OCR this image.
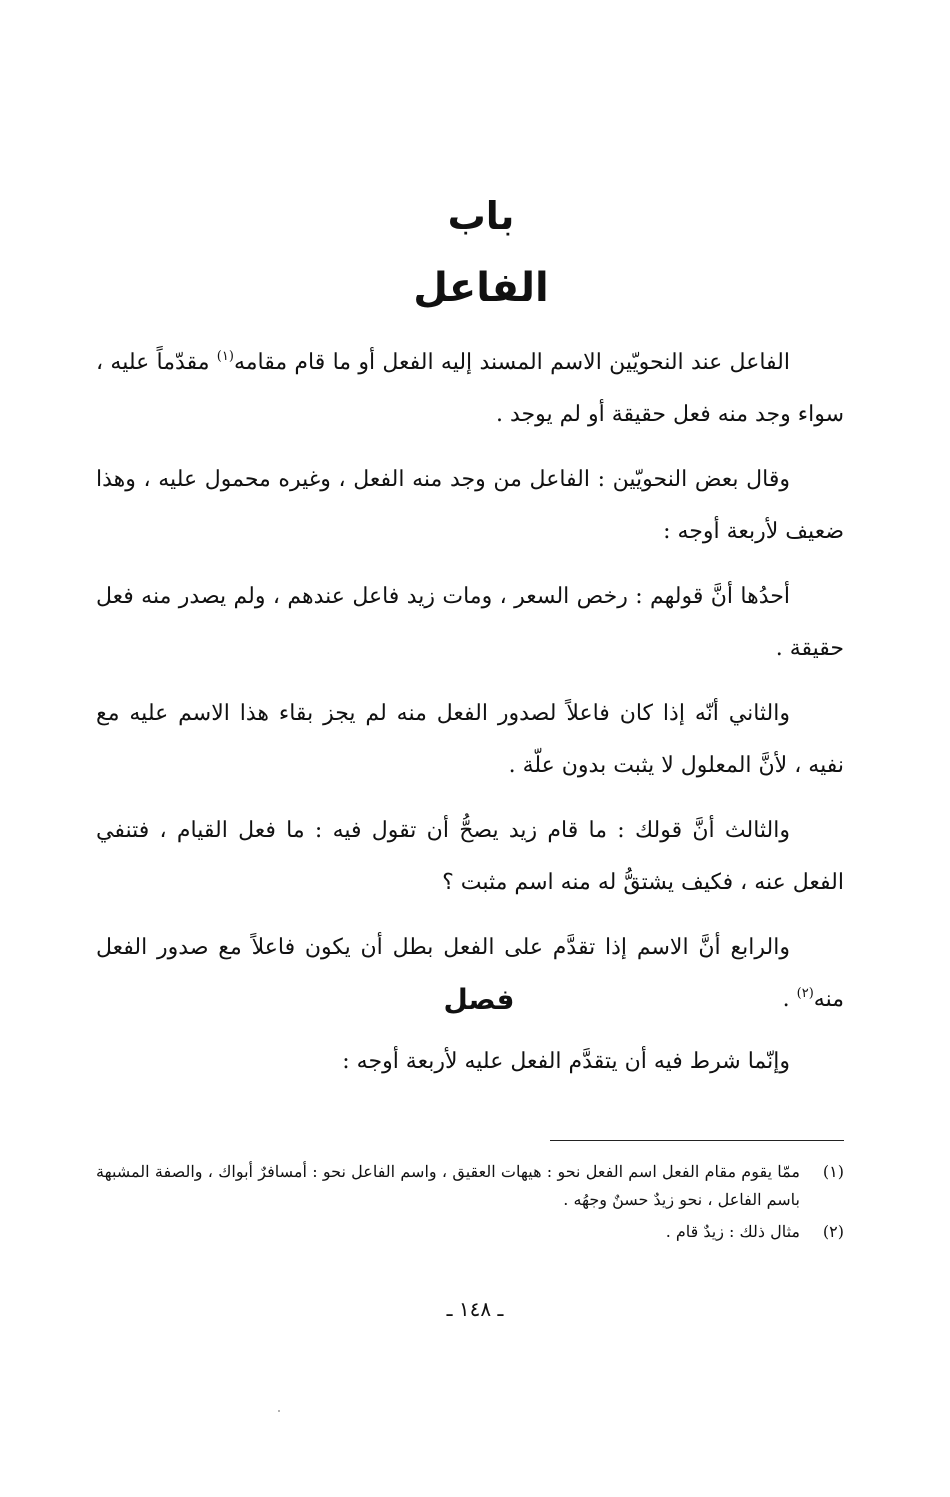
باب
الفاعل
الفاعل عند النحويّين الاسم المسند إليه الفعل أو ما قام مقامه$^{(١)}$ مقدّماً عليه ، سواء وجد منه فعل حقيقة أو لم يوجد .
وقال بعض النحويّين : الفاعل من وجد منه الفعل ، وغيره محمول عليه ، وهذا ضعيف لأربعة أوجه :
أحدُها أنَّ قولهم : رخص السعر ، ومات زيد فاعل عندهم ، ولم يصدر منه فعل حقيقة .
والثاني أنّه إذا كان فاعلاً لصدور الفعل منه لم يجز بقاء هذا الاسم عليه مع نفيه ، لأنَّ المعلول لا يثبت بدون علّة .
والثالث أنَّ قولك : ما قام زيد يصحُّ أن تقول فيه : ما فعل القيام ، فتنفي الفعل عنه ، فكيف يشتقُّ له منه اسم مثبت ؟
والرابع أنَّ الاسم إذا تقدَّم على الفعل بطل أن يكون فاعلاً مع صدور الفعل منه$^{(٢)}$ .
فصل
وإنّما شرط فيه أن يتقدَّم الفعل عليه لأربعة أوجه :
(١)
ممّا يقوم مقام الفعل اسم الفعل نحو : هيهات العقيق ، واسم الفاعل نحو : أمسافرٌ أبواك ، والصفة المشبهة باسم الفاعل ، نحو زيدٌ حسنٌ وجهُه .
(٢)
مثال ذلك : زيدٌ قام .
ـ ١٤٨ ـ
